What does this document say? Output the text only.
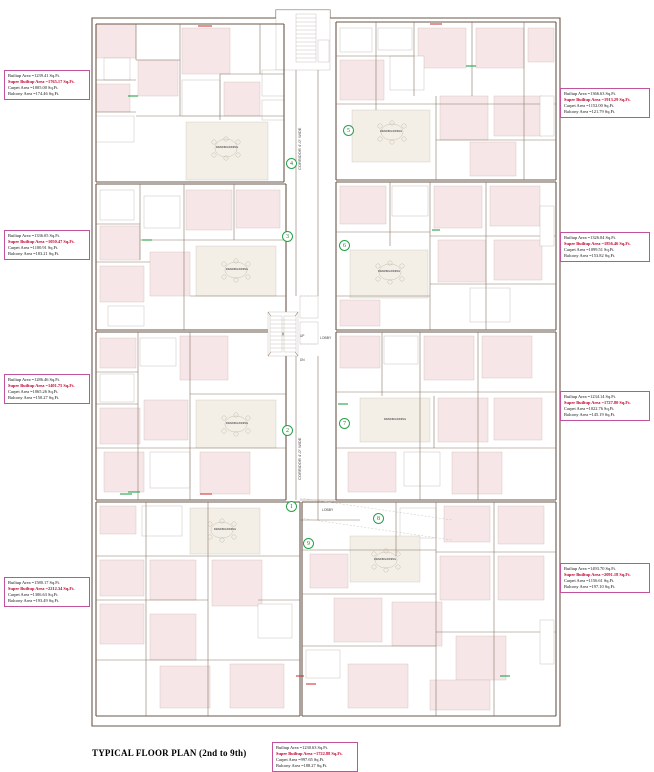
DRAWING/DINING
DRAWING/DINING
DRAWING/DINING
DRAWING/DINING
DRAWING/DINING
DRAWING/DINING
DRAWING/DINING
DRAWING/DINING
CORRIDOR 4'-0" WIDE
CORRIDOR 4'-0" WIDE
LOBBY
LOBBY
UP
DN
1
2
3
4
5
6
7
8
9
Builtup Area =1239.41 Sq.Ft.
Super Builtup Area =1765.17 Sq.Ft.
Carpet Area =1005.00 Sq.Ft.
Balcony Area =174.46 Sq.Ft.
Builtup Area =1336.05 Sq.Ft.
Super Builtup Area =1050.47 Sq.Ft.
Carpet Area =1100.91 Sq.Ft.
Balcony Area =183.21 Sq.Ft.
Builtup Area =1286.46 Sq.Ft.
Super Builtup Area =1401.75 Sq.Ft.
Carpet Area =1065.26 Sq.Ft.
Balcony Area =150.27 Sq.Ft.
Builtup Area =1580.17 Sq.Ft.
Super Builtup Area =2212.34 Sq.Ft.
Carpet Area =1306.63 Sq.Ft.
Balcony Area =193.49 Sq.Ft.
Builtup Area =1230.63 Sq.Ft.
Super Builtup Area =1722.88 Sq.Ft.
Carpet Area =997.65 Sq.Ft.
Balcony Area =188.27 Sq.Ft.
Builtup Area =1366.63 Sq.Ft.
Super Builtup Area =1913.29 Sq.Ft.
Carpet Area =1152.00 Sq.Ft.
Balcony Area =121.79 Sq.Ft.
Builtup Area =1326.04 Sq.Ft.
Super Builtup Area =1856.46 Sq.Ft.
Carpet Area =1099.51 Sq.Ft.
Balcony Area =153.82 Sq.Ft.
Builtup Area =1234.14 Sq.Ft.
Super Builtup Area =1727.80 Sq.Ft.
Carpet Area =1022.76 Sq.Ft.
Balcony Area =145.19 Sq.Ft.
Builtup Area =1493.70 Sq.Ft.
Super Builtup Area =2091.18 Sq.Ft.
Carpet Area =1156.61 Sq.Ft.
Balcony Area =197.10 Sq.Ft.
TYPICAL FLOOR PLAN (2nd to 9th)
